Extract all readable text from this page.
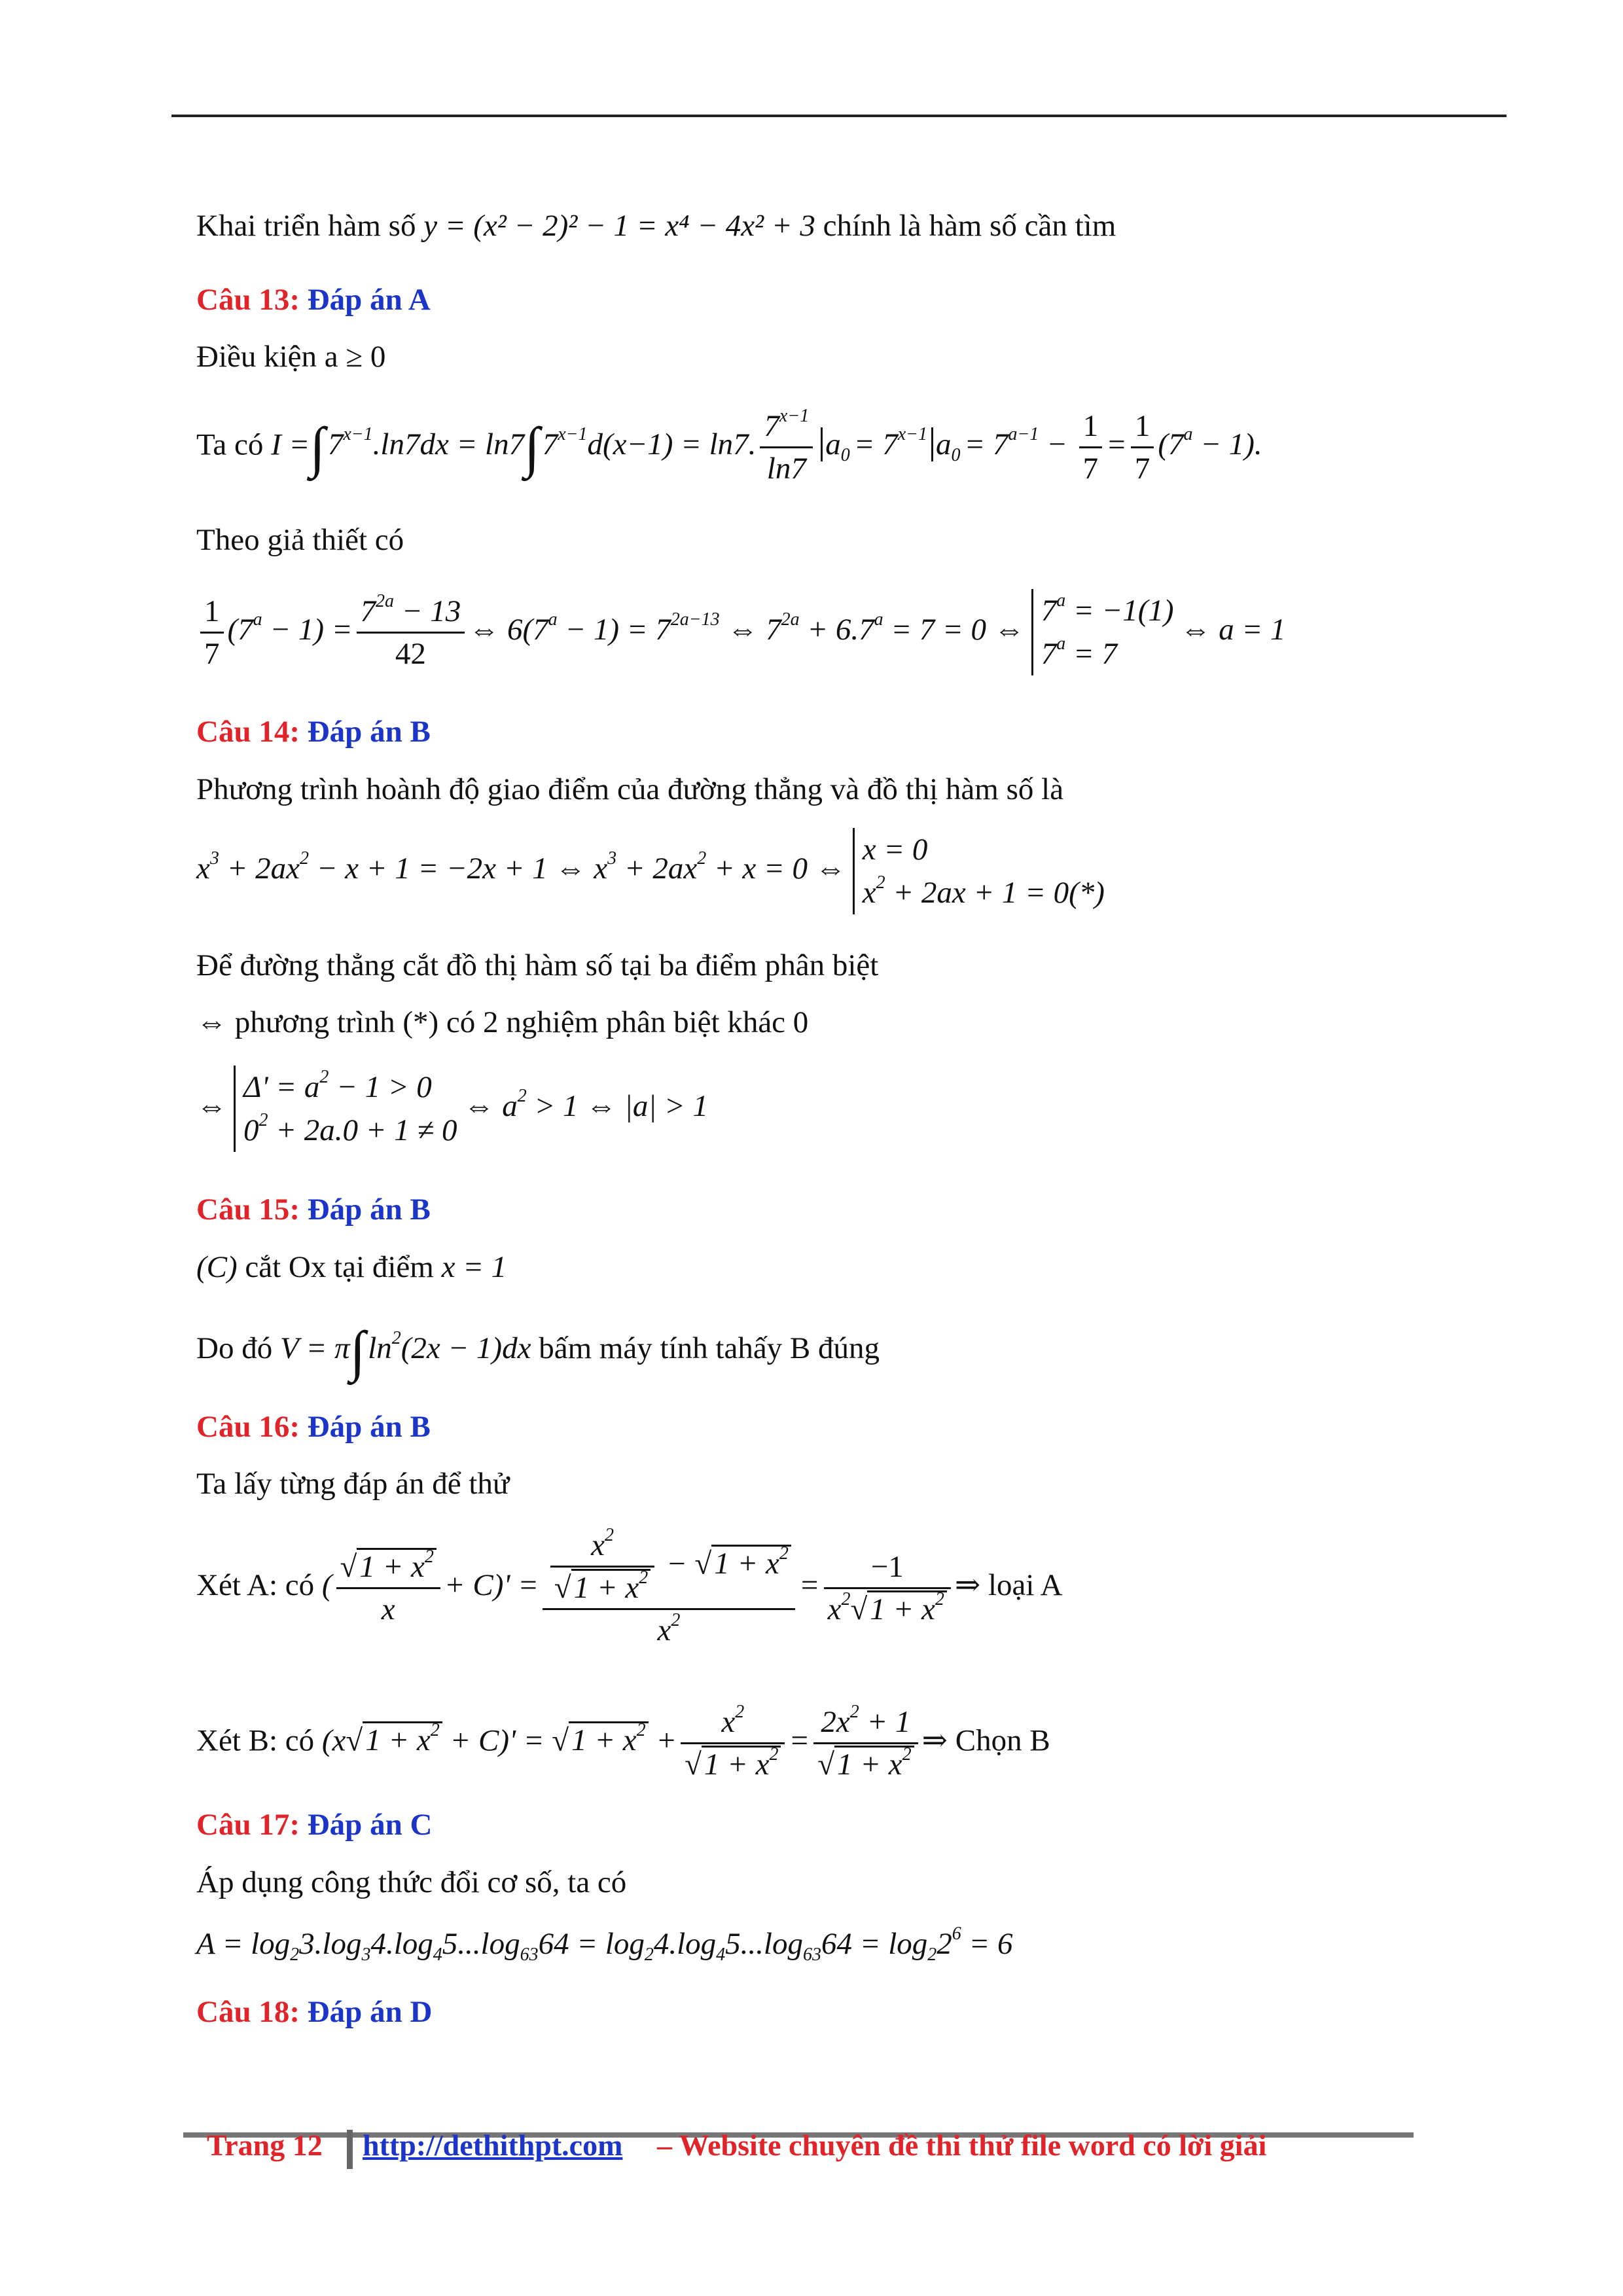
Khai triển hàm số y = (x² − 2)² − 1 = x⁴ − 4x² + 3 chính là hàm số cần tìm
Câu 13: Đáp án A
Điều kiện a ≥ 0
Ta có $I =\int 7^{x-1}.\ln 7dx = \ln 7\int 7^{x-1}d(x-1) = \ln 7$. $\frac{7^{x-1}}{\ln 7} a_0 = 7^{x-1}$ $a_0 = 7^{a-1} - \frac{1}{7} = \frac{1}{7} (7^a - 1)$.
Theo giả thiết có
$\frac{1}{7} (7^a - 1) = \frac{7^{2a} - 13}{42}$ ⇔ $6(7^a - 1) = 7^{2a-13}$ ⇔ $7^{2a} + 6.7^a = 7 = 0$ ⇔
$7^a = -1(1)$
$7^a = 7$
⇔ a = 1
Câu 14: Đáp án B
Phương trình hoành độ giao điểm của đường thẳng và đồ thị hàm số là
$x^3 + 2ax^2 - x + 1 = -2x + 1$ ⇔ $x^3 + 2ax^2 + x = 0$ ⇔
x = 0
$x^2 + 2ax + 1 = 0(*)$
Để đường thẳng cắt đồ thị hàm số tại ba điểm phân biệt
⇔ phương trình (*) có 2 nghiệm phân biệt khác 0
⇔
$\Delta' = a^2 - 1 > 0$
$0^2 + 2a.0 + 1 \ne 0$
⇔ $a^2 > 1$ ⇔ |a| > 1
Câu 15: Đáp án B
(C) cắt Ox tại điểm x = 1
Do đó $V = \pi\int\ln^2(2x - 1)dx$ bấm máy tính tahấy B đúng
Câu 16: Đáp án B
Ta lấy từng đáp án để thử
Xét A: có ( $\frac{√1 + x^2}{x} + C)' = \frac{\frac{x^2}{√1 + x^2} - √1 + x^2}{x^2} = \frac{-1}{x^2√1 + x^2}$ ⇒ loại A
Xét B: có $(x√1 + x^2 + C)' = √1 + x^2 + \frac{x^2}{√1 + x^2} = \frac{2x^2 + 1}{√1 + x^2}$ ⇒ Chọn B
Câu 17: Đáp án C
Áp dụng công thức đổi cơ số, ta có
$A = \log_23.\log_34.\log_45...\log_{63}64 = \log_24.\log_45...\log_{63}64 = \log_22^6 = 6$
Câu 18: Đáp án D
Trang 12 http://dethithpt.com – Website chuyên đề thi thử file word có lời giải
